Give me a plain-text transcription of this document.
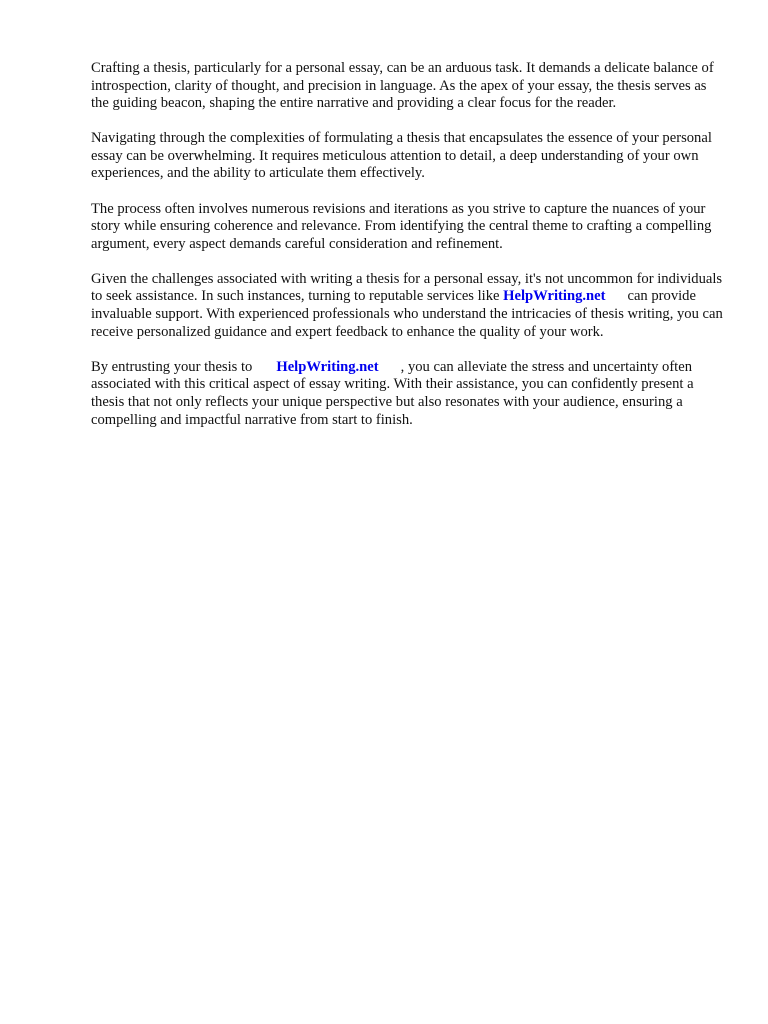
Crafting a thesis, particularly for a personal essay, can be an arduous task. It demands a delicate balance of introspection, clarity of thought, and precision in language. As the apex of your essay, the thesis serves as the guiding beacon, shaping the entire narrative and providing a clear focus for the reader.

Navigating through the complexities of formulating a thesis that encapsulates the essence of your personal essay can be overwhelming. It requires meticulous attention to detail, a deep understanding of your own experiences, and the ability to articulate them effectively.

The process often involves numerous revisions and iterations as you strive to capture the nuances of your story while ensuring coherence and relevance. From identifying the central theme to crafting a compelling argument, every aspect demands careful consideration and refinement.

Given the challenges associated with writing a thesis for a personal essay, it's not uncommon for individuals to seek assistance. In such instances, turning to reputable services like HelpWriting.net can provide invaluable support. With experienced professionals who understand the intricacies of thesis writing, you can receive personalized guidance and expert feedback to enhance the quality of your work.

By entrusting your thesis to HelpWriting.net , you can alleviate the stress and uncertainty often associated with this critical aspect of essay writing. With their assistance, you can confidently present a thesis that not only reflects your unique perspective but also resonates with your audience, ensuring a compelling and impactful narrative from start to finish.
